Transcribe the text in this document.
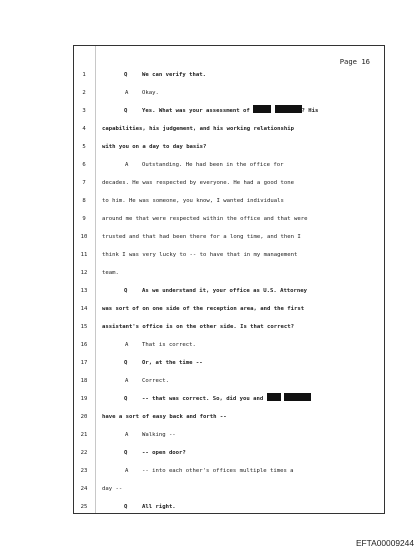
Page 16
1	Q	We can verify that.
2	A Okay.
3	Q	Yes. What was your assessment of	? His
4	capabilities, his judgement, and his working relationship
5	with you on a day to day basis?
6	A Outstanding. He had been in the office for
7	decades. He was respected by everyone. He had a good tone
8	to him. He was someone, you know, I wanted individuals
9	around me that were respected within the office and that were
10	trusted and that had been there for a long time, and then I
11	think I was very lucky to -- to have that in my management
12	team.
13	Q	As we understand it, your office as U.S. Attorney
14	was sort of on one side of the reception area, and the first
15	assistant's office is on the other side. Is that correct?
16	A That is correct.
17	Q	Or, at the time --
18	A Correct.
19	Q	-- that was correct. So, did you and
20	have a sort of easy back and forth --
21	A Walking --
22	Q	-- open door?
23	A -- into each other's offices multiple times a
24	day --
25	Q	All right.
EFTA00009244
